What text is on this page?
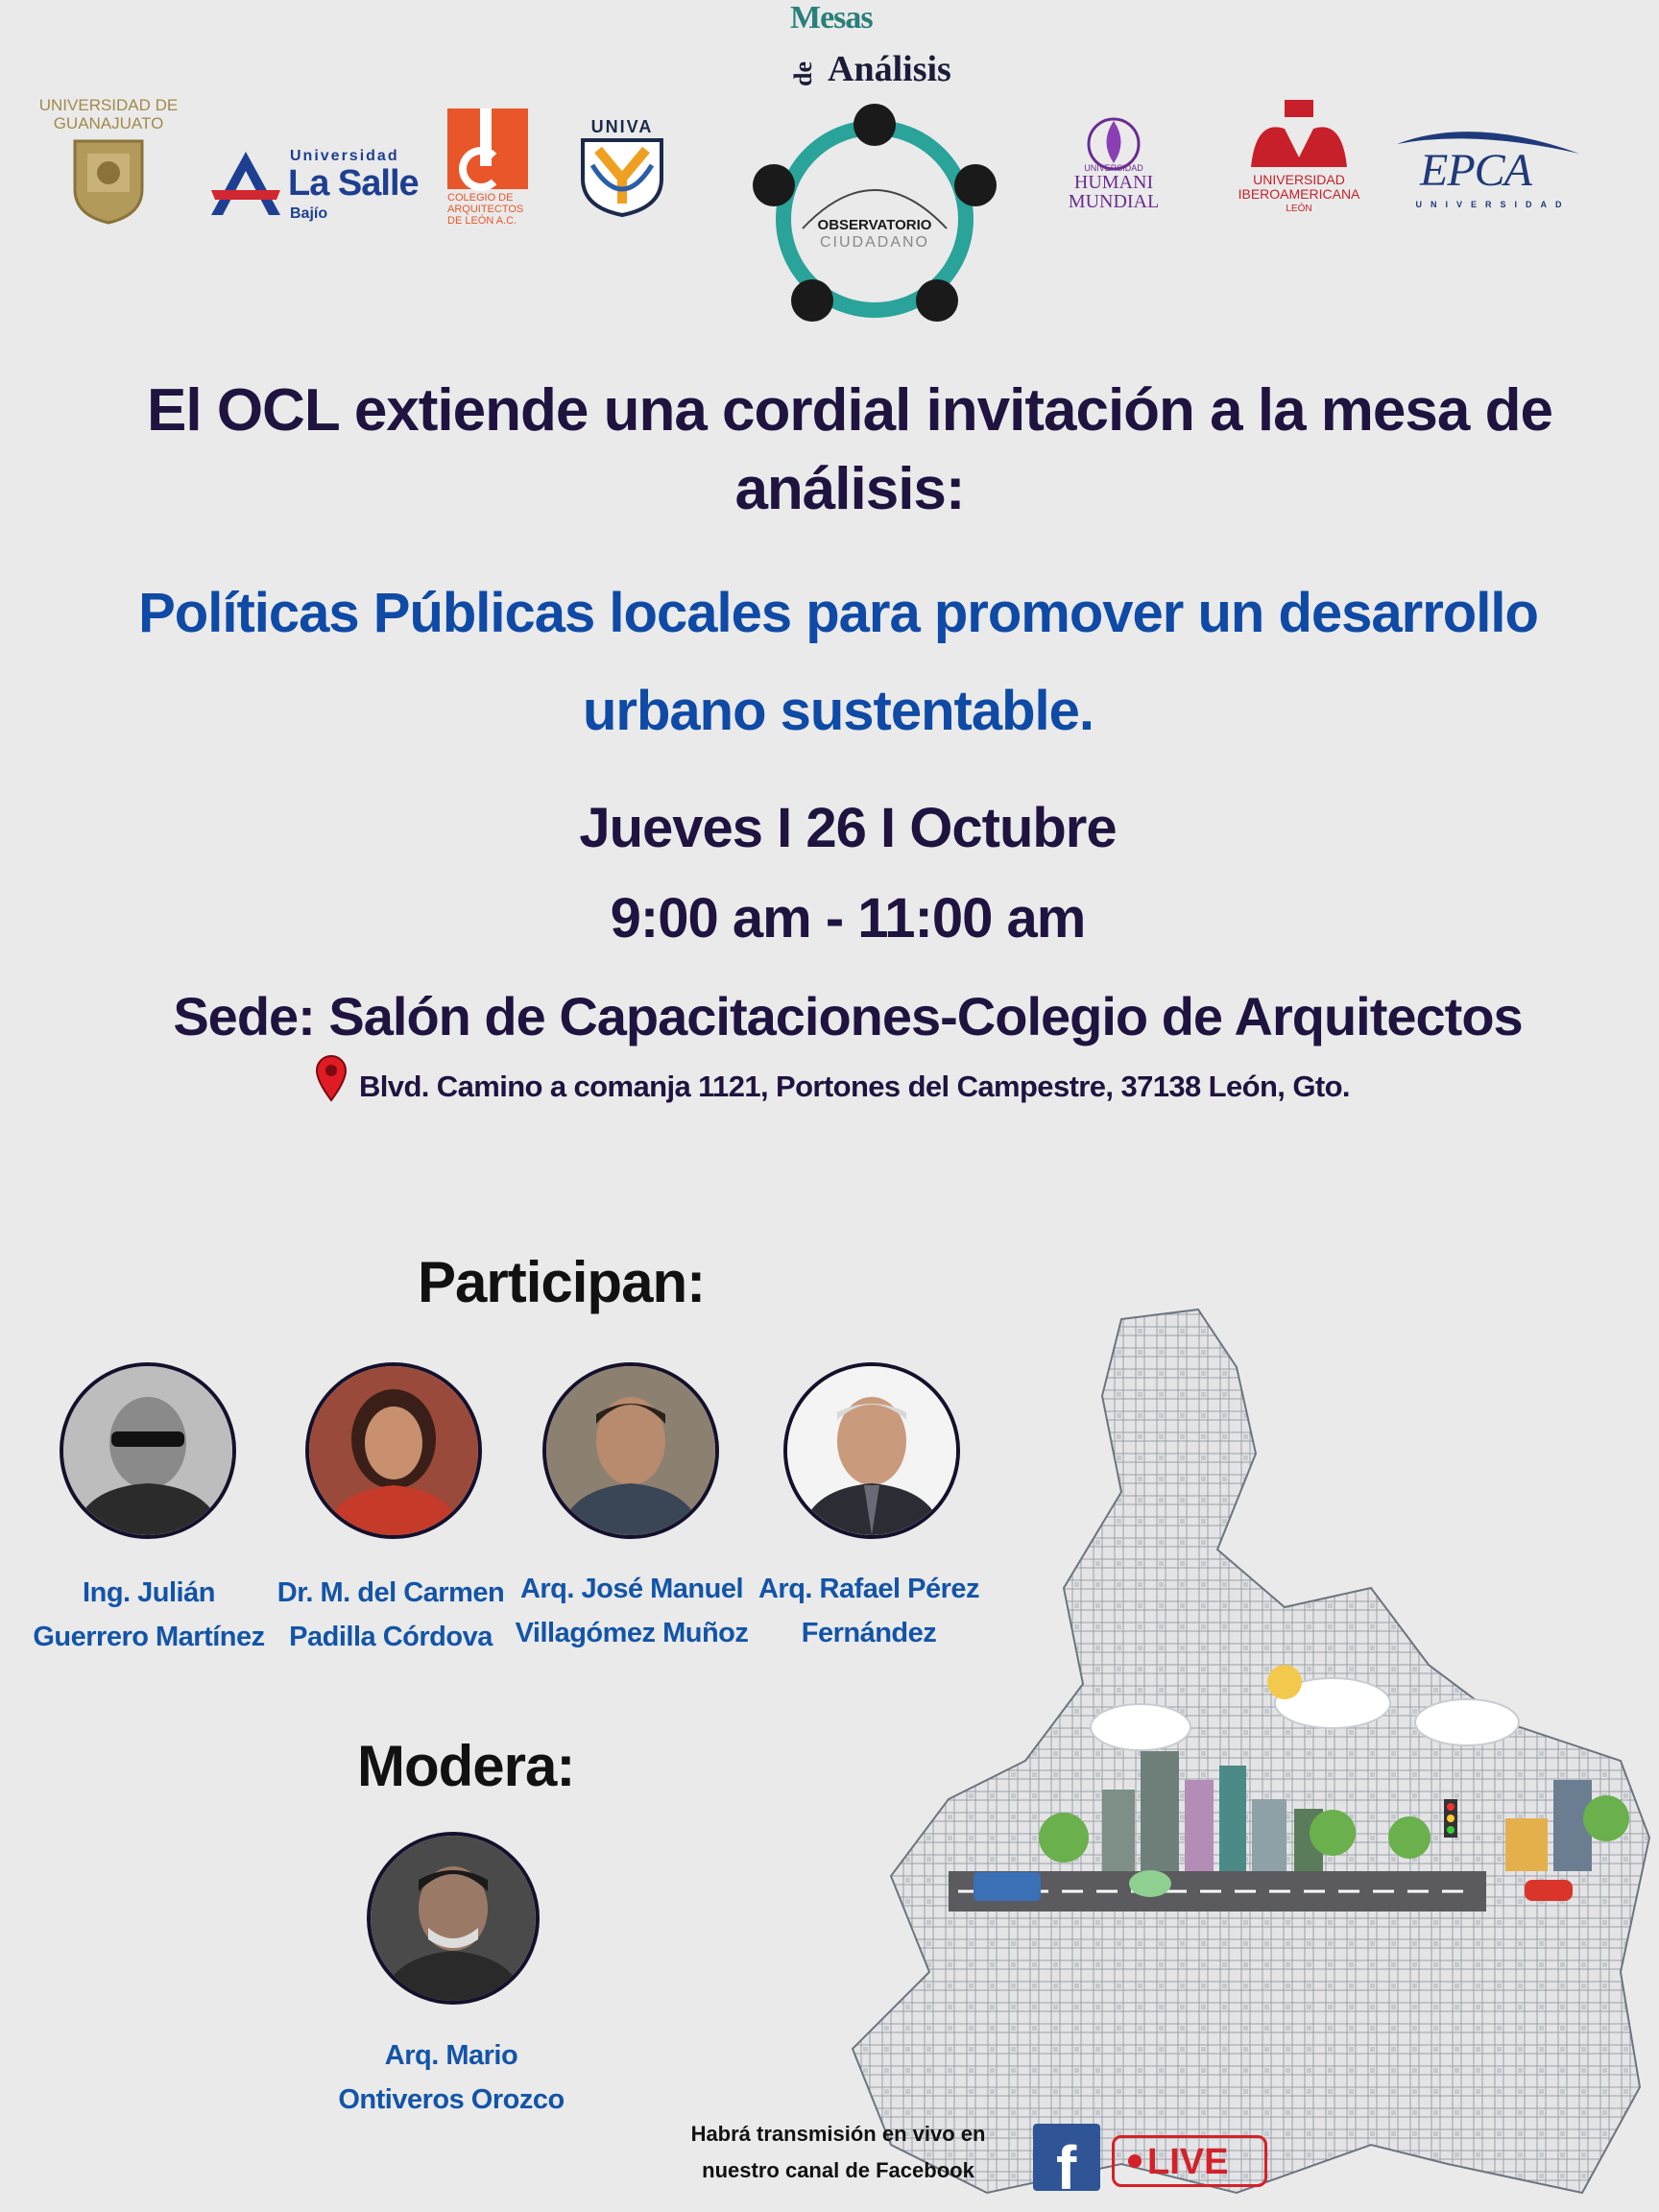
UNIVERSIDAD DE GUANAJUATO
Universidad
La Salle
Bajío
COLEGIO DE ARQUITECTOS DE LEÓN A.C.
UNIVA
Mesas
de Análisis
OBSERVATORIO
CIUDADANO
UNIVERSIDAD
HUMANI MUNDIAL
UNIVERSIDAD IBEROAMERICANA
LEÓN
EPCA
UNIVERSIDAD
El OCL extiende una cordial invitación a la mesa de
análisis:
Políticas Públicas locales para promover un desarrollo
urbano sustentable.
Jueves I 26 I Octubre
9:00 am - 11:00 am
Sede: Salón de Capacitaciones-Colegio de Arquitectos
Blvd. Camino a comanja 1121, Portones del Campestre, 37138 León, Gto.
Participan:
Ing. Julián
Guerrero Martínez
Dr. M. del Carmen
Padilla Córdova
Arq. José Manuel
Villagómez Muñoz
Arq. Rafael Pérez
Fernández
Modera:
Arq. Mario
Ontiveros Orozco
Habrá transmisión en vivo en
nuestro canal de Facebook	f LIVE
